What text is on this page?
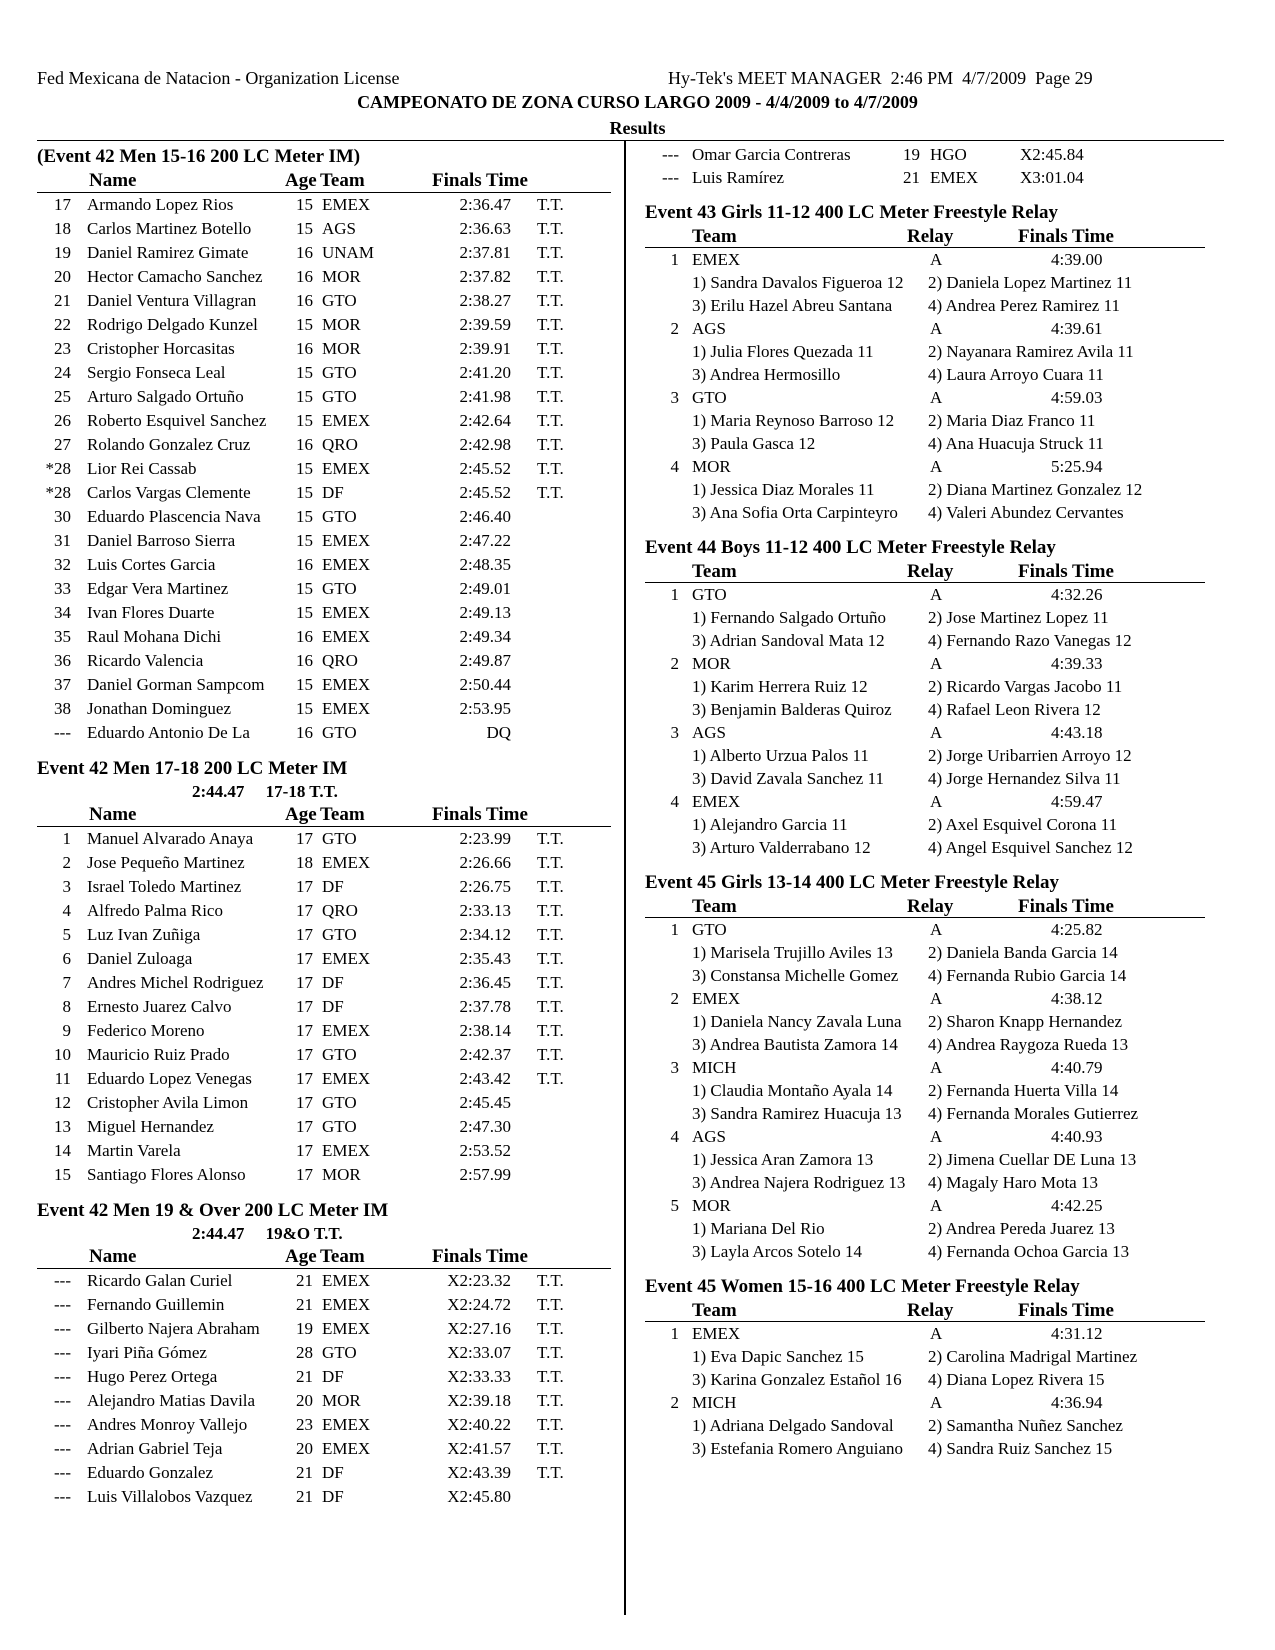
Fed Mexicana de Natacion - Organization License	Hy-Tek's MEET MANAGER  2:46 PM  4/7/2009  Page 29
CAMPEONATO DE ZONA CURSO LARGO 2009 - 4/4/2009 to 4/7/2009
Results
(Event 42 Men 15-16 200 LC Meter IM)
Name	Age Team	Finals Time
17 Armando Lopez Rios	15 EMEX	2:36.47 T.T.
18 Carlos Martinez Botello	15 AGS	2:36.63 T.T.
19 Daniel Ramirez Gimate	16 UNAM	2:37.81 T.T.
20 Hector Camacho Sanchez 16 MOR	2:37.82 T.T.
21 Daniel Ventura Villagran 16 GTO	2:38.27 T.T.
22 Rodrigo Delgado Kunzel 15 MOR	2:39.59 T.T.
23 Cristopher Horcasitas	16 MOR	2:39.91 T.T.
24 Sergio Fonseca Leal	15 GTO	2:41.20 T.T.
25 Arturo Salgado Ortuño	15 GTO	2:41.98 T.T.
26 Roberto Esquivel Sanchez 15 EMEX	2:42.64 T.T.
27 Rolando Gonzalez Cruz	16 QRO	2:42.98 T.T.
*28 Lior Rei Cassab	15 EMEX	2:45.52 T.T.
*28 Carlos Vargas Clemente	15 DF	2:45.52 T.T.
30 Eduardo Plascencia Nava 15 GTO	2:46.40
31 Daniel Barroso Sierra	15 EMEX	2:47.22
32 Luis Cortes Garcia	16 EMEX	2:48.35
33 Edgar Vera Martinez	15 GTO	2:49.01
34 Ivan Flores Duarte	15 EMEX	2:49.13
35 Raul Mohana Dichi	16 EMEX	2:49.34
36 Ricardo Valencia	16 QRO	2:49.87
37 Daniel Gorman Sampcom 15 EMEX	2:50.44
38 Jonathan Dominguez	15 EMEX	2:53.95
--- Eduardo Antonio De La	16 GTO	DQ
Event 42 Men 17-18 200 LC Meter IM
2:44.47     17-18 T.T.
Name	Age Team	Finals Time
1 Manuel Alvarado Anaya	17 GTO	2:23.99 T.T.
2 Jose Pequeño Martinez	18 EMEX	2:26.66 T.T.
3 Israel Toledo Martinez	17 DF	2:26.75 T.T.
4 Alfredo Palma Rico	17 QRO	2:33.13 T.T.
5 Luz Ivan Zuñiga	17 GTO	2:34.12 T.T.
6 Daniel Zuloaga	17 EMEX	2:35.43 T.T.
7 Andres Michel Rodriguez 17 DF	2:36.45 T.T.
8 Ernesto Juarez Calvo	17 DF	2:37.78 T.T.
9 Federico Moreno	17 EMEX	2:38.14 T.T.
10 Mauricio Ruiz Prado	17 GTO	2:42.37 T.T.
11 Eduardo Lopez Venegas	17 EMEX	2:43.42 T.T.
12 Cristopher Avila Limon	17 GTO	2:45.45
13 Miguel Hernandez	17 GTO	2:47.30
14 Martin Varela	17 EMEX	2:53.52
15 Santiago Flores Alonso	17 MOR	2:57.99
Event 42 Men 19 & Over 200 LC Meter IM
2:44.47     19&O T.T.
Name	Age Team	Finals Time
--- Ricardo Galan Curiel	21 EMEX	X2:23.32 T.T.
--- Fernando Guillemin	21 EMEX	X2:24.72 T.T.
--- Gilberto Najera Abraham 19 EMEX	X2:27.16 T.T.
--- Iyari Piña Gómez	28 GTO	X2:33.07 T.T.
--- Hugo Perez Ortega	21 DF	X2:33.33 T.T.
--- Alejandro Matias Davila 20 MOR	X2:39.18 T.T.
--- Andres Monroy Vallejo	23 EMEX	X2:40.22 T.T.
--- Adrian Gabriel Teja	20 EMEX	X2:41.57 T.T.
--- Eduardo Gonzalez	21 DF	X2:43.39 T.T.
--- Luis Villalobos Vazquez	21 DF	X2:45.80
--- Omar Garcia Contreras	19 HGO	X2:45.84
--- Luis Ramírez	21 EMEX X3:01.04
Event 43 Girls 11-12 400 LC Meter Freestyle Relay
Team	Relay	Finals Time
1 EMEX	A	4:39.00
1) Sandra Davalos Figueroa 12 2) Daniela Lopez Martinez 11
3) Erilu Hazel Abreu Santana 4) Andrea Perez Ramirez 11
2 AGS	A	4:39.61
1) Julia Flores Quezada 11	2) Nayanara Ramirez Avila 11
3) Andrea Hermosillo	4) Laura Arroyo Cuara 11
3 GTO	A	4:59.03
1) Maria Reynoso Barroso 12 2) Maria Diaz Franco 11
3) Paula Gasca 12	4) Ana Huacuja Struck 11
4 MOR	A	5:25.94
1) Jessica Diaz Morales 11	2) Diana Martinez Gonzalez 12
3) Ana Sofia Orta Carpinteyro 4) Valeri Abundez Cervantes
Event 44 Boys 11-12 400 LC Meter Freestyle Relay
Team	Relay	Finals Time
1 GTO	A	4:32.26
1) Fernando Salgado Ortuño 2) Jose Martinez Lopez 11
3) Adrian Sandoval Mata 12	4) Fernando Razo Vanegas 12
2 MOR	A	4:39.33
1) Karim Herrera Ruiz 12	2) Ricardo Vargas Jacobo 11
3) Benjamin Balderas Quiroz 4) Rafael Leon Rivera 12
3 AGS	A	4:43.18
1) Alberto Urzua Palos 11	2) Jorge Uribarrien Arroyo 12
3) David Zavala Sanchez 11	4) Jorge Hernandez Silva 11
4 EMEX	A	4:59.47
1) Alejandro Garcia 11	2) Axel Esquivel Corona 11
3) Arturo Valderrabano 12	4) Angel Esquivel Sanchez 12
Event 45 Girls 13-14 400 LC Meter Freestyle Relay
Team	Relay	Finals Time
1 GTO	A	4:25.82
1) Marisela Trujillo Aviles 13 2) Daniela Banda Garcia 14
3) Constansa Michelle Gomez 4) Fernanda Rubio Garcia 14
2 EMEX	A	4:38.12
1) Daniela Nancy Zavala Luna 2) Sharon Knapp Hernandez
3) Andrea Bautista Zamora 14 4) Andrea Raygoza Rueda 13
3 MICH	A	4:40.79
1) Claudia Montaño Ayala 14 2) Fernanda Huerta Villa 14
3) Sandra Ramirez Huacuja 13 4) Fernanda Morales Gutierrez
4 AGS	A	4:40.93
1) Jessica Aran Zamora 13	2) Jimena Cuellar DE Luna 13
3) Andrea Najera Rodriguez 13 4) Magaly Haro Mota 13
5 MOR	A	4:42.25
1) Mariana Del Rio	2) Andrea Pereda Juarez 13
3) Layla Arcos Sotelo 14	4) Fernanda Ochoa Garcia 13
Event 45 Women 15-16 400 LC Meter Freestyle Relay
Team	Relay	Finals Time
1 EMEX	A	4:31.12
1) Eva Dapic Sanchez 15	2) Carolina Madrigal Martinez
3) Karina Gonzalez Estañol 16 4) Diana Lopez Rivera 15
2 MICH	A	4:36.94
1) Adriana Delgado Sandoval 2) Samantha Nuñez Sanchez
3) Estefania Romero Anguiano 4) Sandra Ruiz Sanchez 15
